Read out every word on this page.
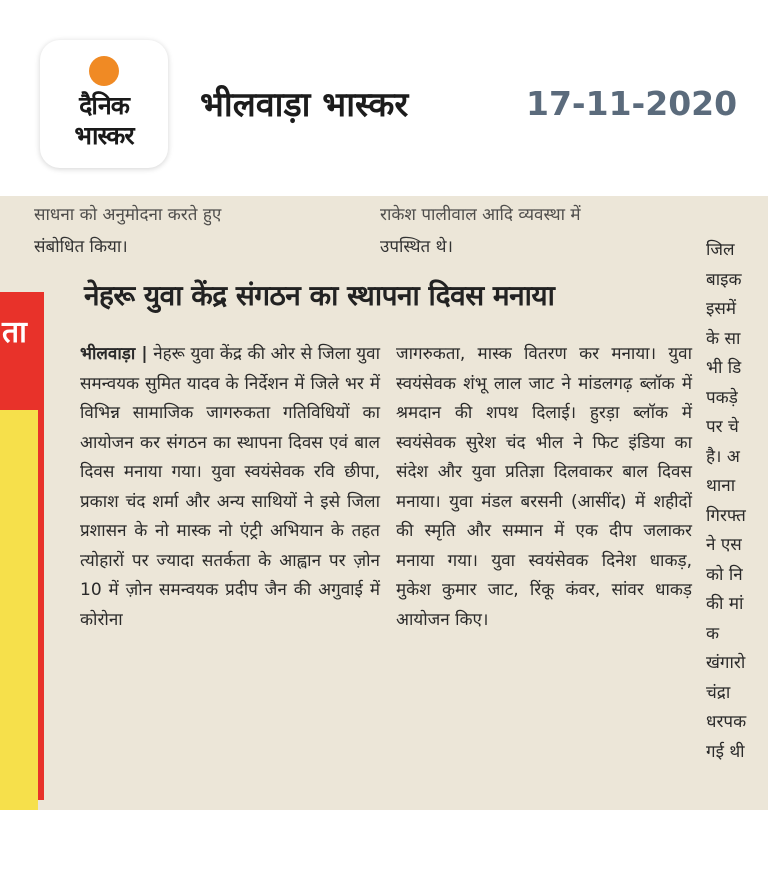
दैनिक
भास्कर
भीलवाड़ा भास्कर	17-11-2020
साधना को अनुमोदना करते हुए
संबोधित किया।
राकेश पालीवाल आदि व्यवस्था में
उपस्थित थे।
ता
नेहरू युवा केंद्र संगठन का स्थापना दिवस मनाया
भीलवाड़ा | नेहरू युवा केंद्र की ओर से जिला युवा समन्वयक सुमित यादव के निर्देशन में जिले भर में विभिन्न सामाजिक जागरुकता गतिविधियों का आयोजन कर संगठन का स्थापना दिवस एवं बाल दिवस मनाया गया। युवा स्वयंसेवक रवि छीपा, प्रकाश चंद शर्मा और अन्य साथियों ने इसे जिला प्रशासन के नो मास्क नो एंट्री अभियान के तहत त्योहारों पर ज्यादा सतर्कता के आह्वान पर ज़ोन 10 में ज़ोन समन्वयक प्रदीप जैन की अगुवाई में कोरोना
जागरुकता, मास्क वितरण कर मनाया। युवा स्वयंसेवक शंभू लाल जाट ने मांडलगढ़ ब्लॉक में श्रमदान की शपथ दिलाई। हुरड़ा ब्लॉक में स्वयंसेवक सुरेश चंद भील ने फिट इंडिया का संदेश और युवा प्रतिज्ञा दिलवाकर बाल दिवस मनाया। युवा मंडल बरसनी (आसींद) में शहीदों की स्मृति और सम्मान में एक दीप जलाकर मनाया गया। युवा स्वयंसेवक दिनेश धाकड़, मुकेश कुमार जाट, रिंकू कंवर, सांवर धाकड़ आयोजन किए।
जिल
बाइक
इसमें
के सा
भी डि
पकड़े
पर चे
है। अ
थाना
गिरफ्त
ने एस
को नि
की मां
क
खंगारो
चंद्रा
धरपक
गई थी
